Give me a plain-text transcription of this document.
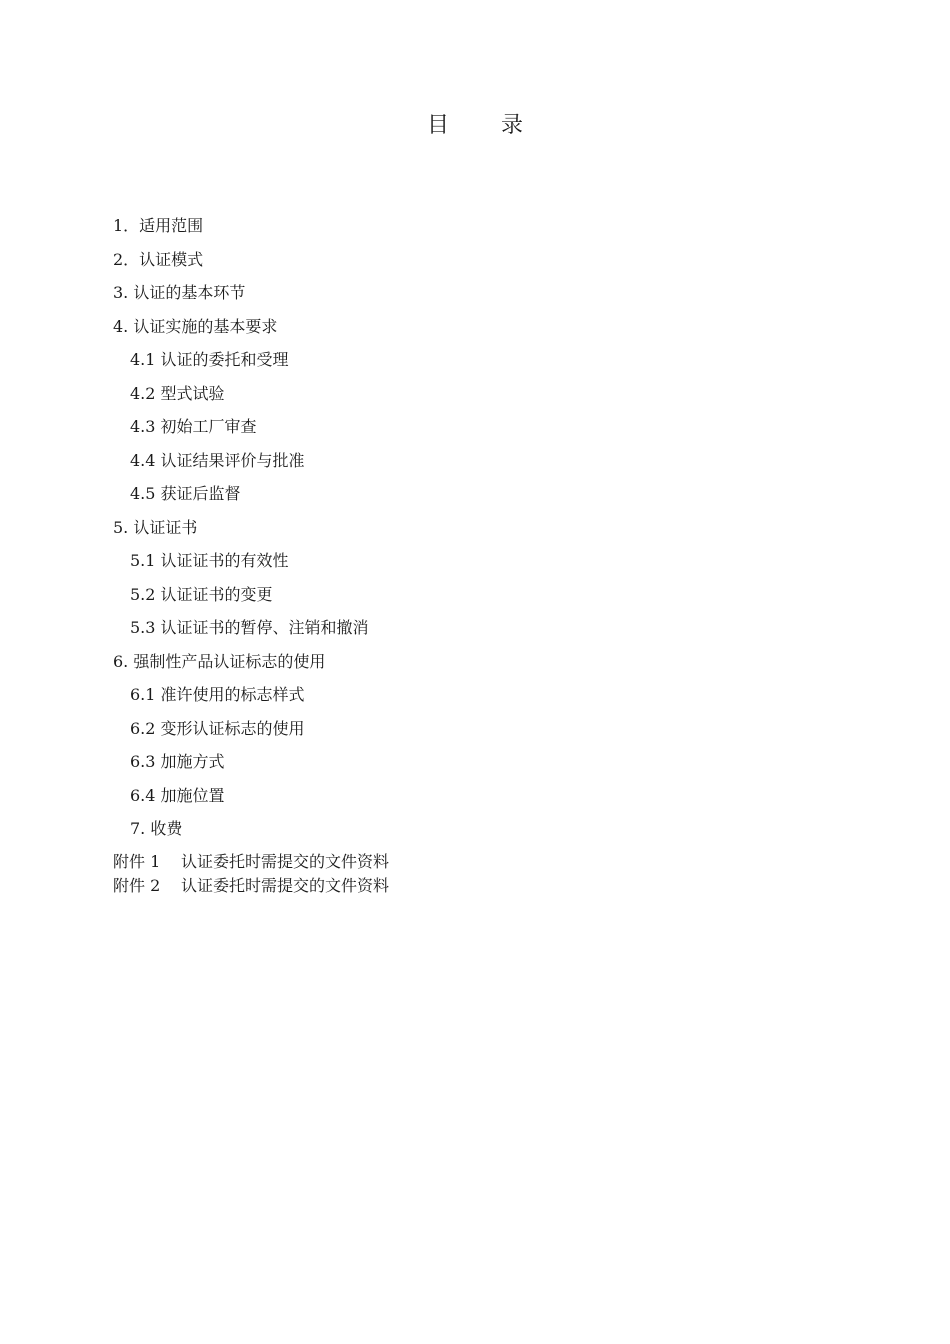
目 录
1．适用范围
2．认证模式
3. 认证的基本环节
4. 认证实施的基本要求
4.1 认证的委托和受理
4.2 型式试验
4.3 初始工厂审查
4.4 认证结果评价与批准
4.5 获证后监督
5. 认证证书
5.1 认证证书的有效性
5.2 认证证书的变更
5.3 认证证书的暂停、注销和撤消
6. 强制性产品认证标志的使用
6.1 准许使用的标志样式
6.2 变形认证标志的使用
6.3 加施方式
6.4 加施位置
7. 收费
附件 1 认证委托时需提交的文件资料
附件 2 认证委托时需提交的文件资料
